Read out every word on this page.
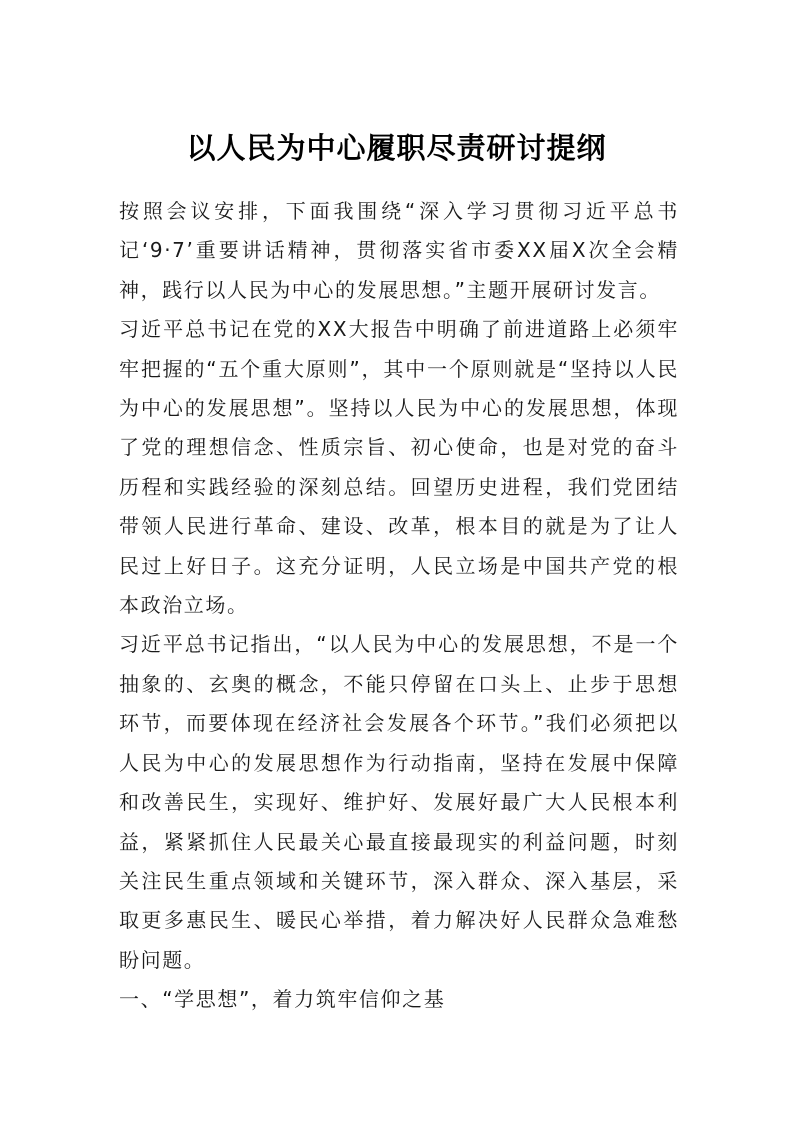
以人民为中心履职尽责研讨提纲

按照会议安排，下面我围绕“深入学习贯彻习近平总书记‘9·7’重要讲话精神，贯彻落实省市委XX届X次全会精神，践行以人民为中心的发展思想。”主题开展研讨发言。

习近平总书记在党的XX大报告中明确了前进道路上必须牢牢把握的“五个重大原则”，其中一个原则就是“坚持以人民为中心的发展思想”。坚持以人民为中心的发展思想，体现了党的理想信念、性质宗旨、初心使命，也是对党的奋斗历程和实践经验的深刻总结。回望历史进程，我们党团结带领人民进行革命、建设、改革，根本目的就是为了让人民过上好日子。这充分证明，人民立场是中国共产党的根本政治立场。

习近平总书记指出，“以人民为中心的发展思想，不是一个抽象的、玄奥的概念，不能只停留在口头上、止步于思想环节，而要体现在经济社会发展各个环节。”我们必须把以人民为中心的发展思想作为行动指南，坚持在发展中保障和改善民生，实现好、维护好、发展好最广大人民根本利益，紧紧抓住人民最关心最直接最现实的利益问题，时刻关注民生重点领域和关键环节，深入群众、深入基层，采取更多惠民生、暖民心举措，着力解决好人民群众急难愁盼问题。

一、“学思想”，着力筑牢信仰之基
